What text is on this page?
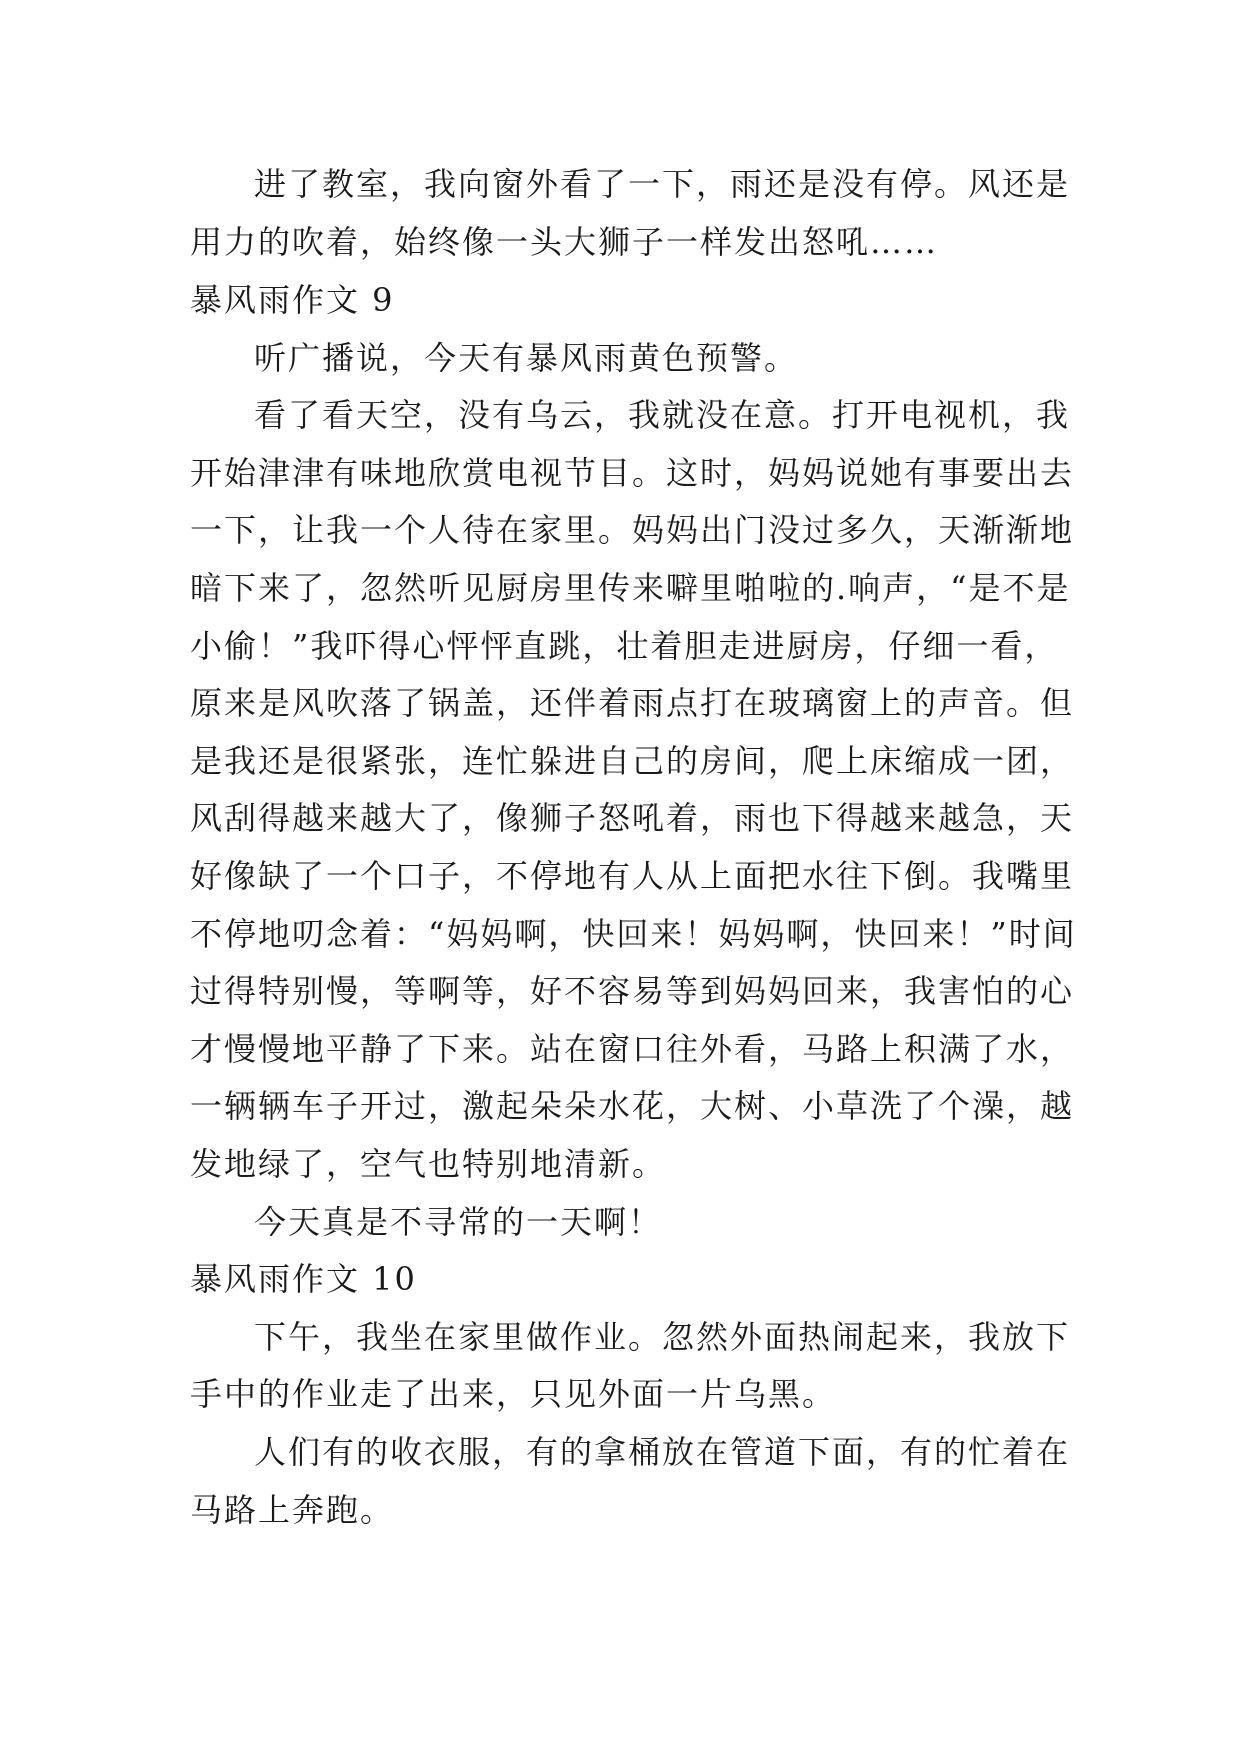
进了教室，我向窗外看了一下，雨还是没有停。风还是
用力的吹着，始终像一头大狮子一样发出怒吼……
暴风雨作文 9
听广播说，今天有暴风雨黄色预警。
看了看天空，没有乌云，我就没在意。打开电视机，我
开始津津有味地欣赏电视节目。这时，妈妈说她有事要出去
一下，让我一个人待在家里。妈妈出门没过多久，天渐渐地
暗下来了，忽然听见厨房里传来噼里啪啦的.响声，“是不是
小偷！”我吓得心怦怦直跳，壮着胆走进厨房，仔细一看，
原来是风吹落了锅盖，还伴着雨点打在玻璃窗上的声音。但
是我还是很紧张，连忙躲进自己的房间，爬上床缩成一团，
风刮得越来越大了，像狮子怒吼着，雨也下得越来越急，天
好像缺了一个口子，不停地有人从上面把水往下倒。我嘴里
不停地叨念着：“妈妈啊，快回来！妈妈啊，快回来！”时间
过得特别慢，等啊等，好不容易等到妈妈回来，我害怕的心
才慢慢地平静了下来。站在窗口往外看，马路上积满了水，
一辆辆车子开过，激起朵朵水花，大树、小草洗了个澡，越
发地绿了，空气也特别地清新。
今天真是不寻常的一天啊！
暴风雨作文 10
下午，我坐在家里做作业。忽然外面热闹起来，我放下
手中的作业走了出来，只见外面一片乌黑。
人们有的收衣服，有的拿桶放在管道下面，有的忙着在
马路上奔跑。
